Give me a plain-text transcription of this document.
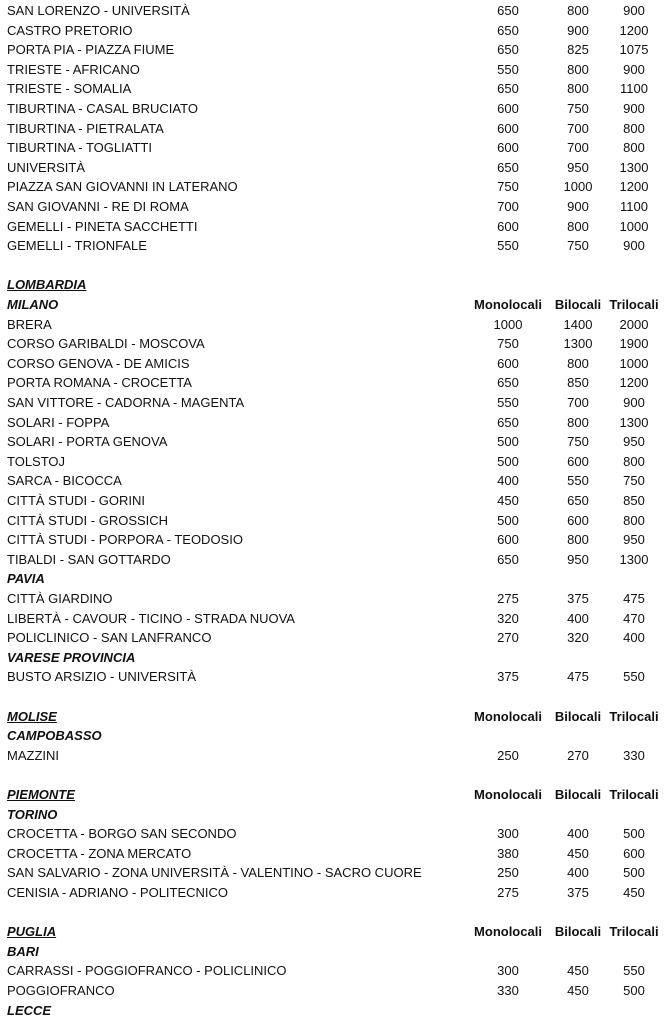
SAN LORENZO - UNIVERSITÀ	650	800	900
CASTRO PRETORIO	650	900	1200
PORTA PIA - PIAZZA FIUME	650	825	1075
TRIESTE - AFRICANO	550	800	900
TRIESTE - SOMALIA	650	800	1100
TIBURTINA - CASAL BRUCIATO	600	750	900
TIBURTINA - PIETRALATA	600	700	800
TIBURTINA - TOGLIATTI	600	700	800
UNIVERSITÀ	650	950	1300
PIAZZA SAN GIOVANNI IN LATERANO	750	1000	1200
SAN GIOVANNI - RE DI ROMA	700	900	1100
GEMELLI - PINETA SACCHETTI	600	800	1000
GEMELLI - TRIONFALE	550	750	900
LOMBARDIA
MILANO	Monolocali Bilocali Trilocali
BRERA	1000	1400	2000
CORSO GARIBALDI - MOSCOVA	750	1300	1900
CORSO GENOVA - DE AMICIS	600	800	1000
PORTA ROMANA - CROCETTA	650	850	1200
SAN VITTORE - CADORNA - MAGENTA	550	700	900
SOLARI - FOPPA	650	800	1300
SOLARI - PORTA GENOVA	500	750	950
TOLSTOJ	500	600	800
SARCA - BICOCCA	400	550	750
CITTÀ STUDI - GORINI	450	650	850
CITTÀ STUDI - GROSSICH	500	600	800
CITTÀ STUDI - PORPORA - TEODOSIO	600	800	950
TIBALDI - SAN GOTTARDO	650	950	1300
PAVIA
CITTÀ GIARDINO	275	375	475
LIBERTÀ - CAVOUR - TICINO - STRADA NUOVA	320	400	470
POLICLINICO - SAN LANFRANCO	270	320	400
VARESE PROVINCIA
BUSTO ARSIZIO - UNIVERSITÀ	375	475	550
MOLISE	Monolocali Bilocali Trilocali
CAMPOBASSO
MAZZINI	250	270	330
PIEMONTE	Monolocali Bilocali Trilocali
TORINO
CROCETTA - BORGO SAN SECONDO	300	400	500
CROCETTA - ZONA MERCATO	380	450	600
SAN SALVARIO - ZONA UNIVERSITÀ - VALENTINO - SACRO CUORE	250	400	500
CENISIA - ADRIANO - POLITECNICO	275	375	450
PUGLIA	Monolocali Bilocali Trilocali
BARI
CARRASSI - POGGIOFRANCO - POLICLINICO	300	450	550
POGGIOFRANCO	330	450	500
LECCE
